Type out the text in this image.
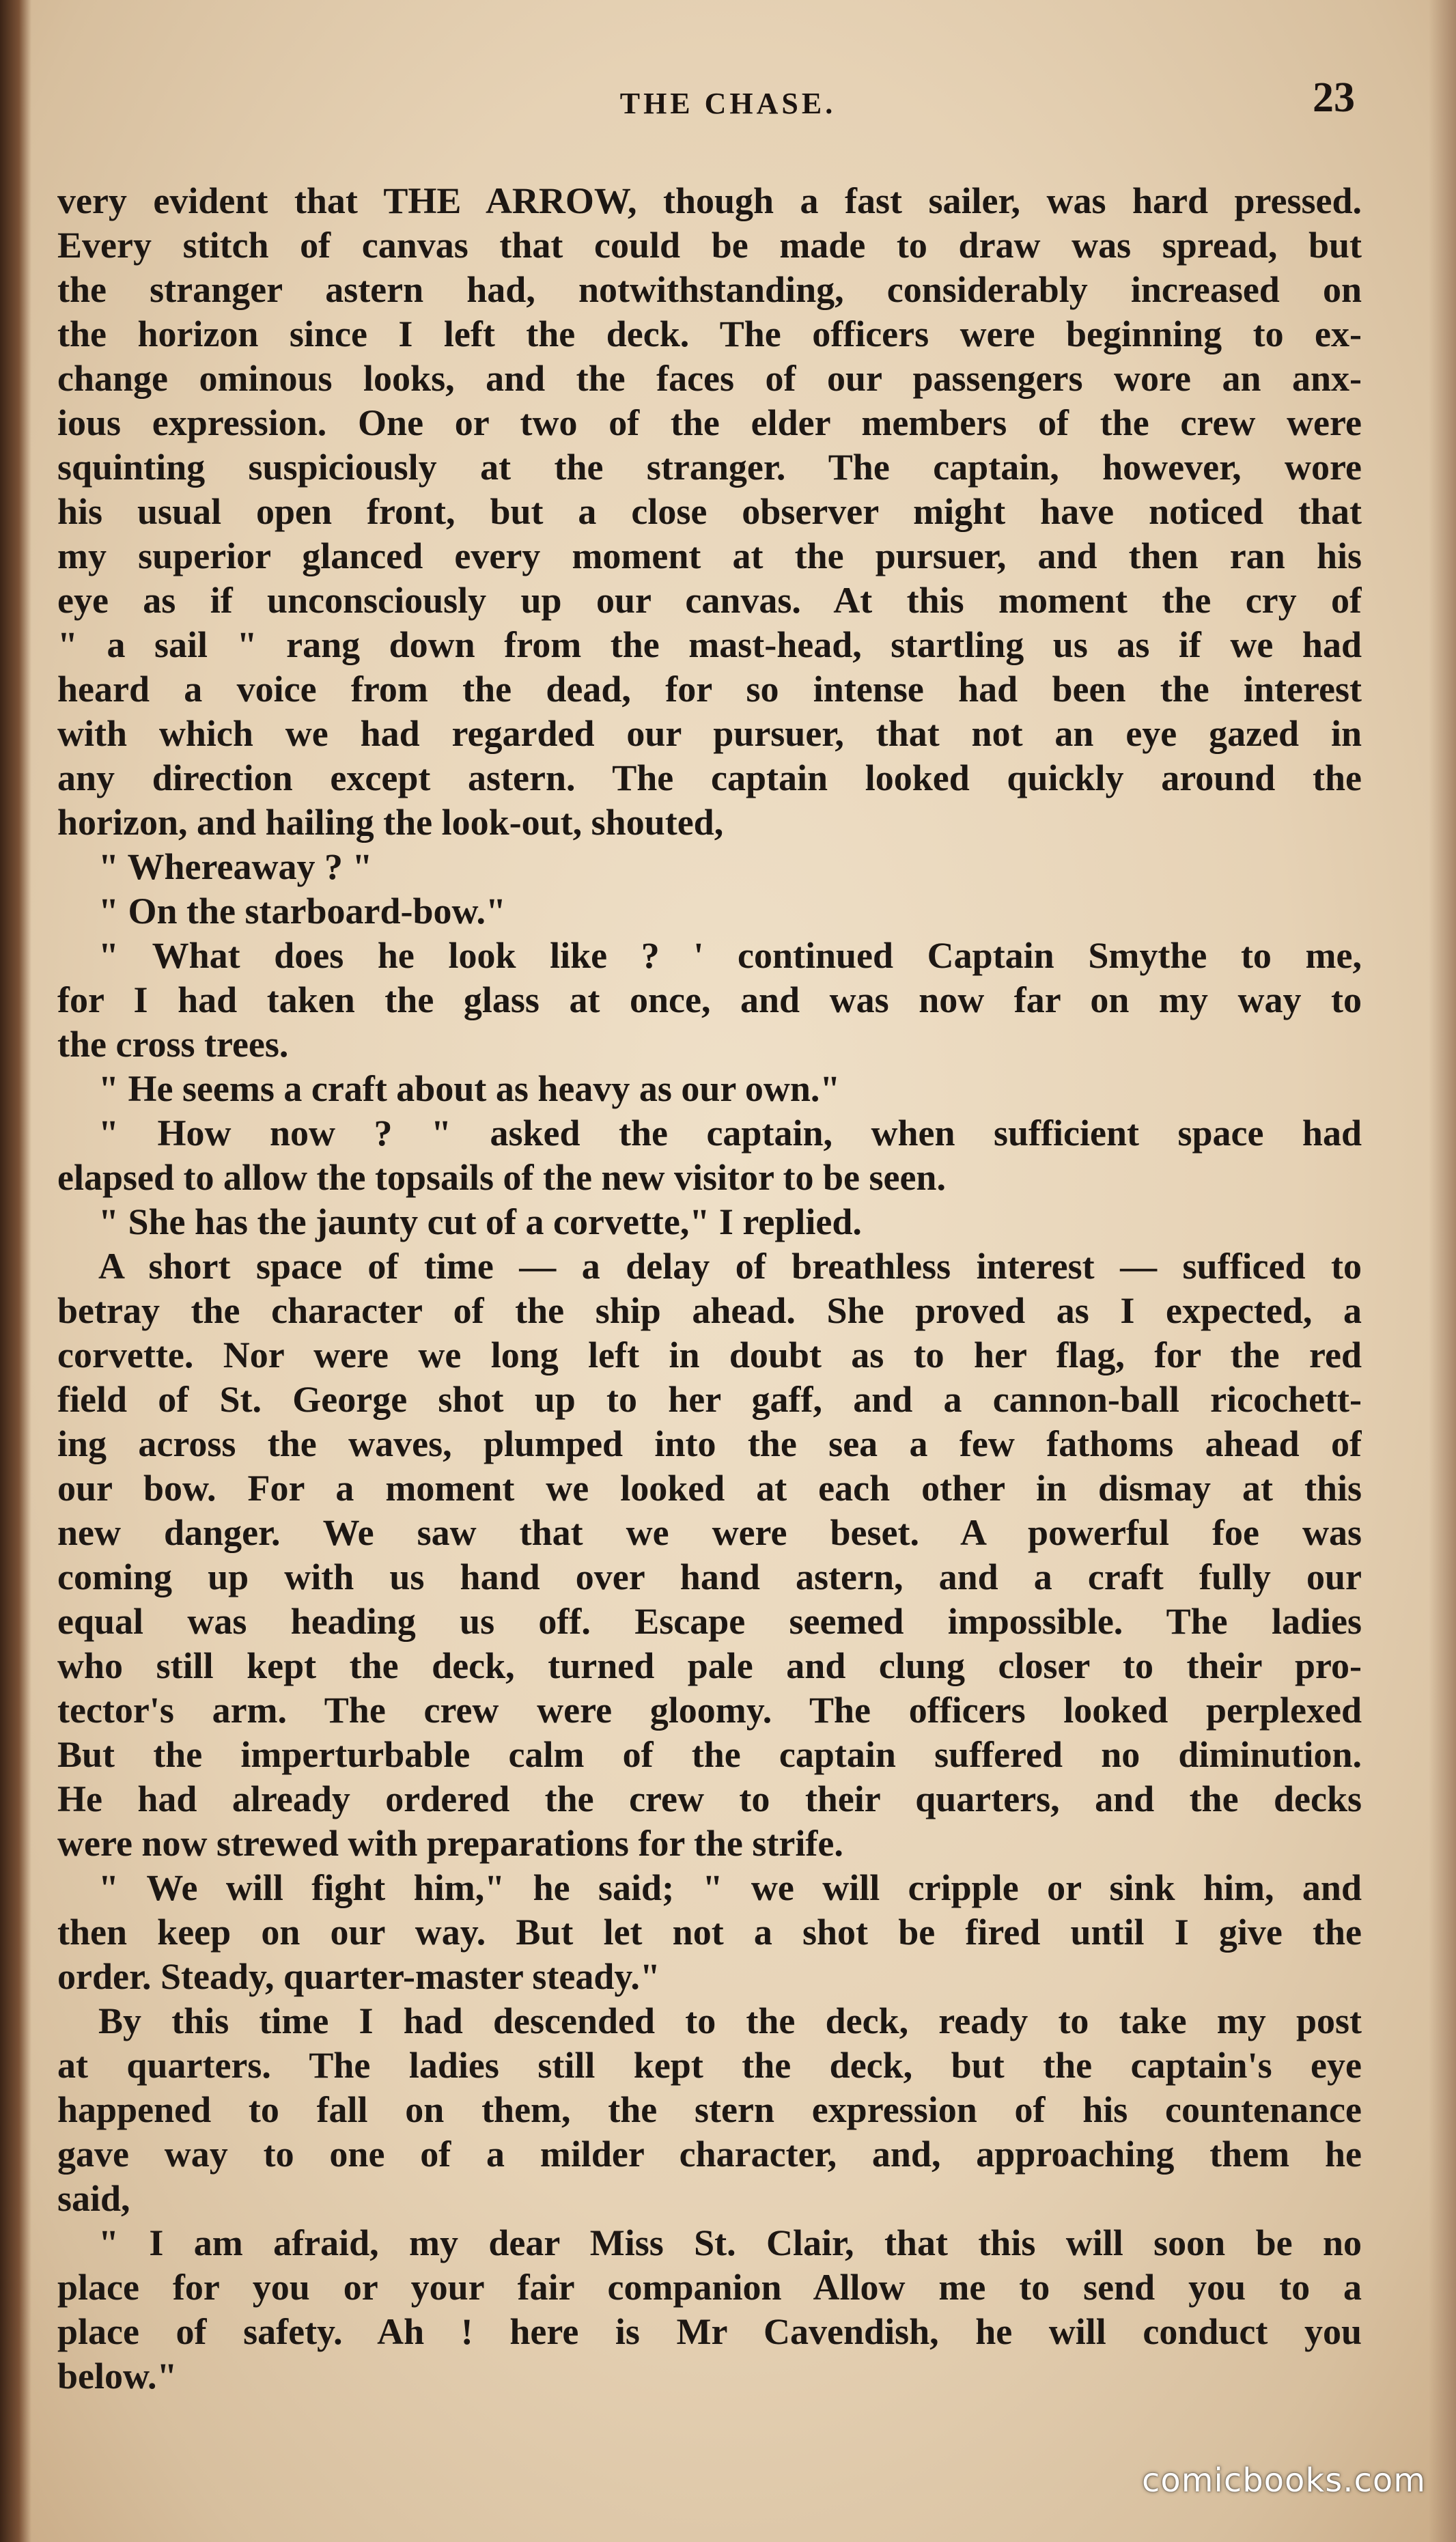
THE CHASE.	23
very evident that THE ARROW, though a fast sailer, was hard pressed.
Every stitch of canvas that could be made to draw was spread, but
the stranger astern had, notwithstanding, considerably increased on
the horizon since I left the deck. The officers were beginning to ex-
change ominous looks, and the faces of our passengers wore an anx-
ious expression. One or two of the elder members of the crew were
squinting suspiciously at the stranger. The captain, however, wore
his usual open front, but a close observer might have noticed that
my superior glanced every moment at the pursuer, and then ran his
eye as if unconsciously up our canvas. At this moment the cry of
" a sail " rang down from the mast-head, startling us as if we had
heard a voice from the dead, for so intense had been the interest
with which we had regarded our pursuer, that not an eye gazed in
any direction except astern. The captain looked quickly around the
horizon, and hailing the look-out, shouted,
" Whereaway ? "
" On the starboard-bow."
" What does he look like ? ' continued Captain Smythe to me,
for I had taken the glass at once, and was now far on my way to
the cross trees.
" He seems a craft about as heavy as our own."
" How now ? " asked the captain, when sufficient space had
elapsed to allow the topsails of the new visitor to be seen.
" She has the jaunty cut of a corvette," I replied.
A short space of time — a delay of breathless interest — sufficed to
betray the character of the ship ahead. She proved as I expected, a
corvette. Nor were we long left in doubt as to her flag, for the red
field of St. George shot up to her gaff, and a cannon-ball ricochett-
ing across the waves, plumped into the sea a few fathoms ahead of
our bow. For a moment we looked at each other in dismay at this
new danger. We saw that we were beset. A powerful foe was
coming up with us hand over hand astern, and a craft fully our
equal was heading us off. Escape seemed impossible. The ladies
who still kept the deck, turned pale and clung closer to their pro-
tector's arm. The crew were gloomy. The officers looked perplexed
But the imperturbable calm of the captain suffered no diminution.
He had already ordered the crew to their quarters, and the decks
were now strewed with preparations for the strife.
" We will fight him," he said; " we will cripple or sink him, and
then keep on our way. But let not a shot be fired until I give the
order. Steady, quarter-master steady."
By this time I had descended to the deck, ready to take my post
at quarters. The ladies still kept the deck, but the captain's eye
happened to fall on them, the stern expression of his countenance
gave way to one of a milder character, and, approaching them he
said,
" I am afraid, my dear Miss St. Clair, that this will soon be no
place for you or your fair companion Allow me to send you to a
place of safety. Ah ! here is Mr Cavendish, he will conduct you
below."
comicbooks.com
